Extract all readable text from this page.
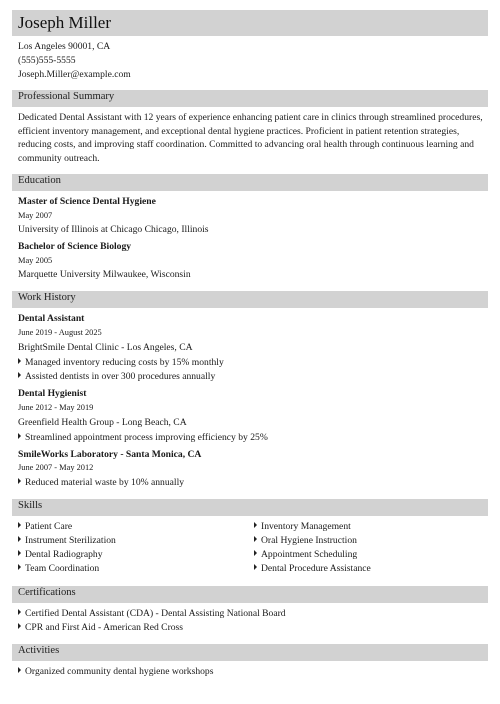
Joseph Miller
Los Angeles 90001, CA
(555)555-5555
Joseph.Miller@example.com
Professional Summary
Dedicated Dental Assistant with 12 years of experience enhancing patient care in clinics through streamlined procedures, efficient inventory management, and exceptional dental hygiene practices. Proficient in patient retention strategies, reducing costs, and improving staff coordination. Committed to advancing oral health through continuous learning and community outreach.
Education
Master of Science Dental Hygiene
May 2007
University of Illinois at Chicago Chicago, Illinois
Bachelor of Science Biology
May 2005
Marquette University Milwaukee, Wisconsin
Work History
Dental Assistant
June 2019 - August 2025
BrightSmile Dental Clinic - Los Angeles, CA
Managed inventory reducing costs by 15% monthly
Assisted dentists in over 300 procedures annually
Dental Hygienist
June 2012 - May 2019
Greenfield Health Group - Long Beach, CA
Streamlined appointment process improving efficiency by 25%
SmileWorks Laboratory - Santa Monica, CA
June 2007 - May 2012
Reduced material waste by 10% annually
Skills
Patient Care
Instrument Sterilization
Dental Radiography
Team Coordination
Inventory Management
Oral Hygiene Instruction
Appointment Scheduling
Dental Procedure Assistance
Certifications
Certified Dental Assistant (CDA) - Dental Assisting National Board
CPR and First Aid - American Red Cross
Activities
Organized community dental hygiene workshops
